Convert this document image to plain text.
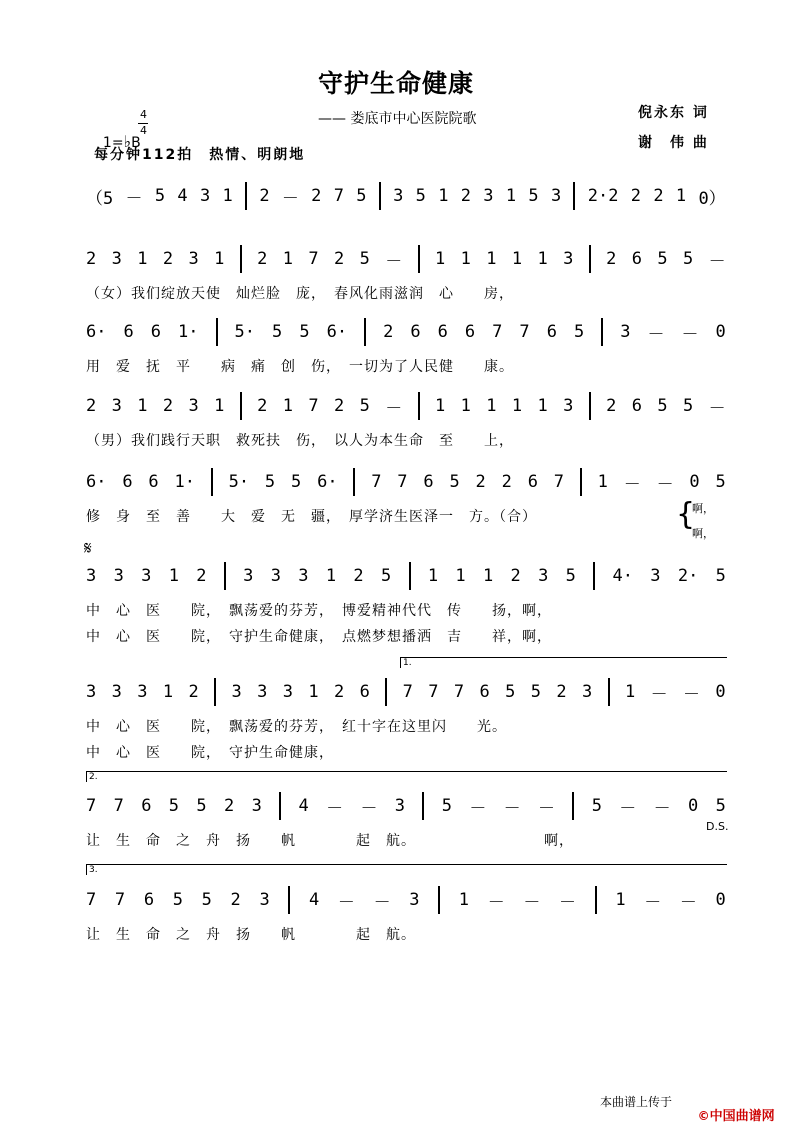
守护生命健康
—— 娄底市中心医院院歌

1=♭B

4
4
每分钟112拍　热情、明朗地
倪永东 词
谢　伟 曲
（5 － 5 4 3 1 2 － 2 7 5 3 5 1 2 3 1 5 3 2·2 2 2 1 0）
2 3 1 2 3 1 2 1 7 2 5 － 1 1 1 1 1 3 2 6 5 5 －
（女）我们绽放天使　灿烂脸　庞，　春风化雨滋润　心　　房，
6· 6 6 1· 5· 5 5 6· 2 6 6 6 7 7 6 5 3 － － 0
用　爱　抚　平　　病　痛　创　伤，　一切为了人民健　　康。
2 3 1 2 3 1 2 1 7 2 5 － 1 1 1 1 1 3 2 6 5 5 －
（男）我们践行天职　救死扶　伤，　以人为本生命　至　　上，
6· 6 6 1· 5· 5 5 6· 7 7 6 5 2 2 6 7 1 － － 0 5
修　身　至　善　　大　爱　无　疆，　厚学济生医泽一　方。（合）
3 3 3 1 2 3 3 3 1 2 5 1 1 1 2 3 5 4· 3 2· 5
中　心　医　　院，　飘荡爱的芬芳，　博爱精神代代　传　　扬，啊，
中　心　医　　院，　守护生命健康，　点燃梦想播洒　吉　　祥，啊，
3 3 3 1 2 3 3 3 1 2 6 7 7 7 6 5 5 2 3 1 － － 0
中　心　医　　院，　飘荡爱的芬芳，　红十字在这里闪　　光。
中　心　医　　院，　守护生命健康，
7 7 6 5 5 2 3 4 － － 3 5 － － － 5 － － 0 5
让　生　命　之　舟　扬　　帆　　　　起　航。　　　　　　　　　啊，
7 7 6 5 5 2 3 4 － － 3 1 － － － 1 － － 0
让　生　命　之　舟　扬　　帆　　　　起　航。
𝄋
啊，
啊，
{

1.

2.

3.

D.S.
本曲谱上传于

©中国曲谱网
